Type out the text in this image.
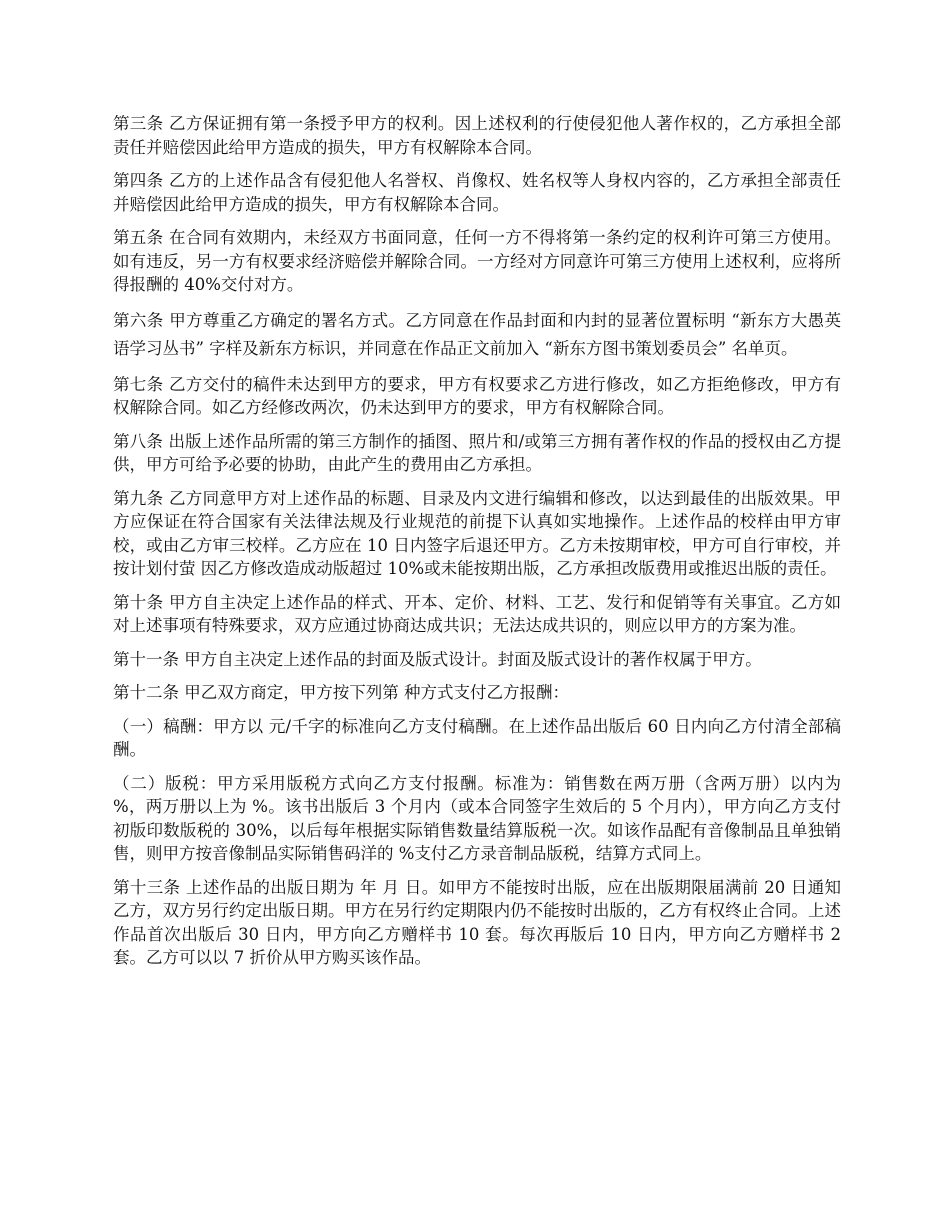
第三条 乙方保证拥有第一条授予甲方的权利。因上述权利的行使侵犯他人著作权的，乙方承担全部责任并赔偿因此给甲方造成的损失，甲方有权解除本合同。

第四条 乙方的上述作品含有侵犯他人名誉权、肖像权、姓名权等人身权内容的，乙方承担全部责任并赔偿因此给甲方造成的损失，甲方有权解除本合同。

第五条 在合同有效期内，未经双方书面同意，任何一方不得将第一条约定的权利许可第三方使用。如有违反，另一方有权要求经济赔偿并解除合同。一方经对方同意许可第三方使用上述权利，应将所得报酬的 40%交付对方。

第六条 甲方尊重乙方确定的署名方式。乙方同意在作品封面和内封的显著位置标明 “新东方大愚英语学习丛书” 字样及新东方标识，并同意在作品正文前加入 “新东方图书策划委员会” 名单页。

第七条 乙方交付的稿件未达到甲方的要求，甲方有权要求乙方进行修改，如乙方拒绝修改，甲方有权解除合同。如乙方经修改两次，仍未达到甲方的要求，甲方有权解除合同。

第八条 出版上述作品所需的第三方制作的插图、照片和/或第三方拥有著作权的作品的授权由乙方提供，甲方可给予必要的协助，由此产生的费用由乙方承担。

第九条 乙方同意甲方对上述作品的标题、目录及内文进行编辑和修改，以达到最佳的出版效果。甲方应保证在符合国家有关法律法规及行业规范的前提下认真如实地操作。上述作品的校样由甲方审校，或由乙方审三校样。乙方应在 10 日内签字后退还甲方。乙方未按期审校，甲方可自行审校，并按计划付萤 因乙方修改造成动版超过 10%或未能按期出版，乙方承担改版费用或推迟出版的责任。

第十条 甲方自主决定上述作品的样式、开本、定价、材料、工艺、发行和促销等有关事宜。乙方如对上述事项有特殊要求，双方应通过协商达成共识；无法达成共识的，则应以甲方的方案为准。

第十一条 甲方自主决定上述作品的封面及版式设计。封面及版式设计的著作权属于甲方。

第十二条 甲乙双方商定，甲方按下列第 种方式支付乙方报酬：

（一）稿酬：甲方以 元/千字的标准向乙方支付稿酬。在上述作品出版后 60 日内向乙方付清全部稿酬。

（二）版税：甲方采用版税方式向乙方支付报酬。标准为：销售数在两万册（含两万册）以内为 %，两万册以上为 %。该书出版后 3 个月内（或本合同签字生效后的 5 个月内），甲方向乙方支付初版印数版税的 30%，以后每年根据实际销售数量结算版税一次。如该作品配有音像制品且单独销售，则甲方按音像制品实际销售码洋的 %支付乙方录音制品版税，结算方式同上。

第十三条 上述作品的出版日期为 年 月 日。如甲方不能按时出版，应在出版期限届满前 20 日通知乙方，双方另行约定出版日期。甲方在另行约定期限内仍不能按时出版的，乙方有权终止合同。上述作品首次出版后 30 日内，甲方向乙方赠样书 10 套。每次再版后 10 日内，甲方向乙方赠样书 2 套。乙方可以以 7 折价从甲方购买该作品。
